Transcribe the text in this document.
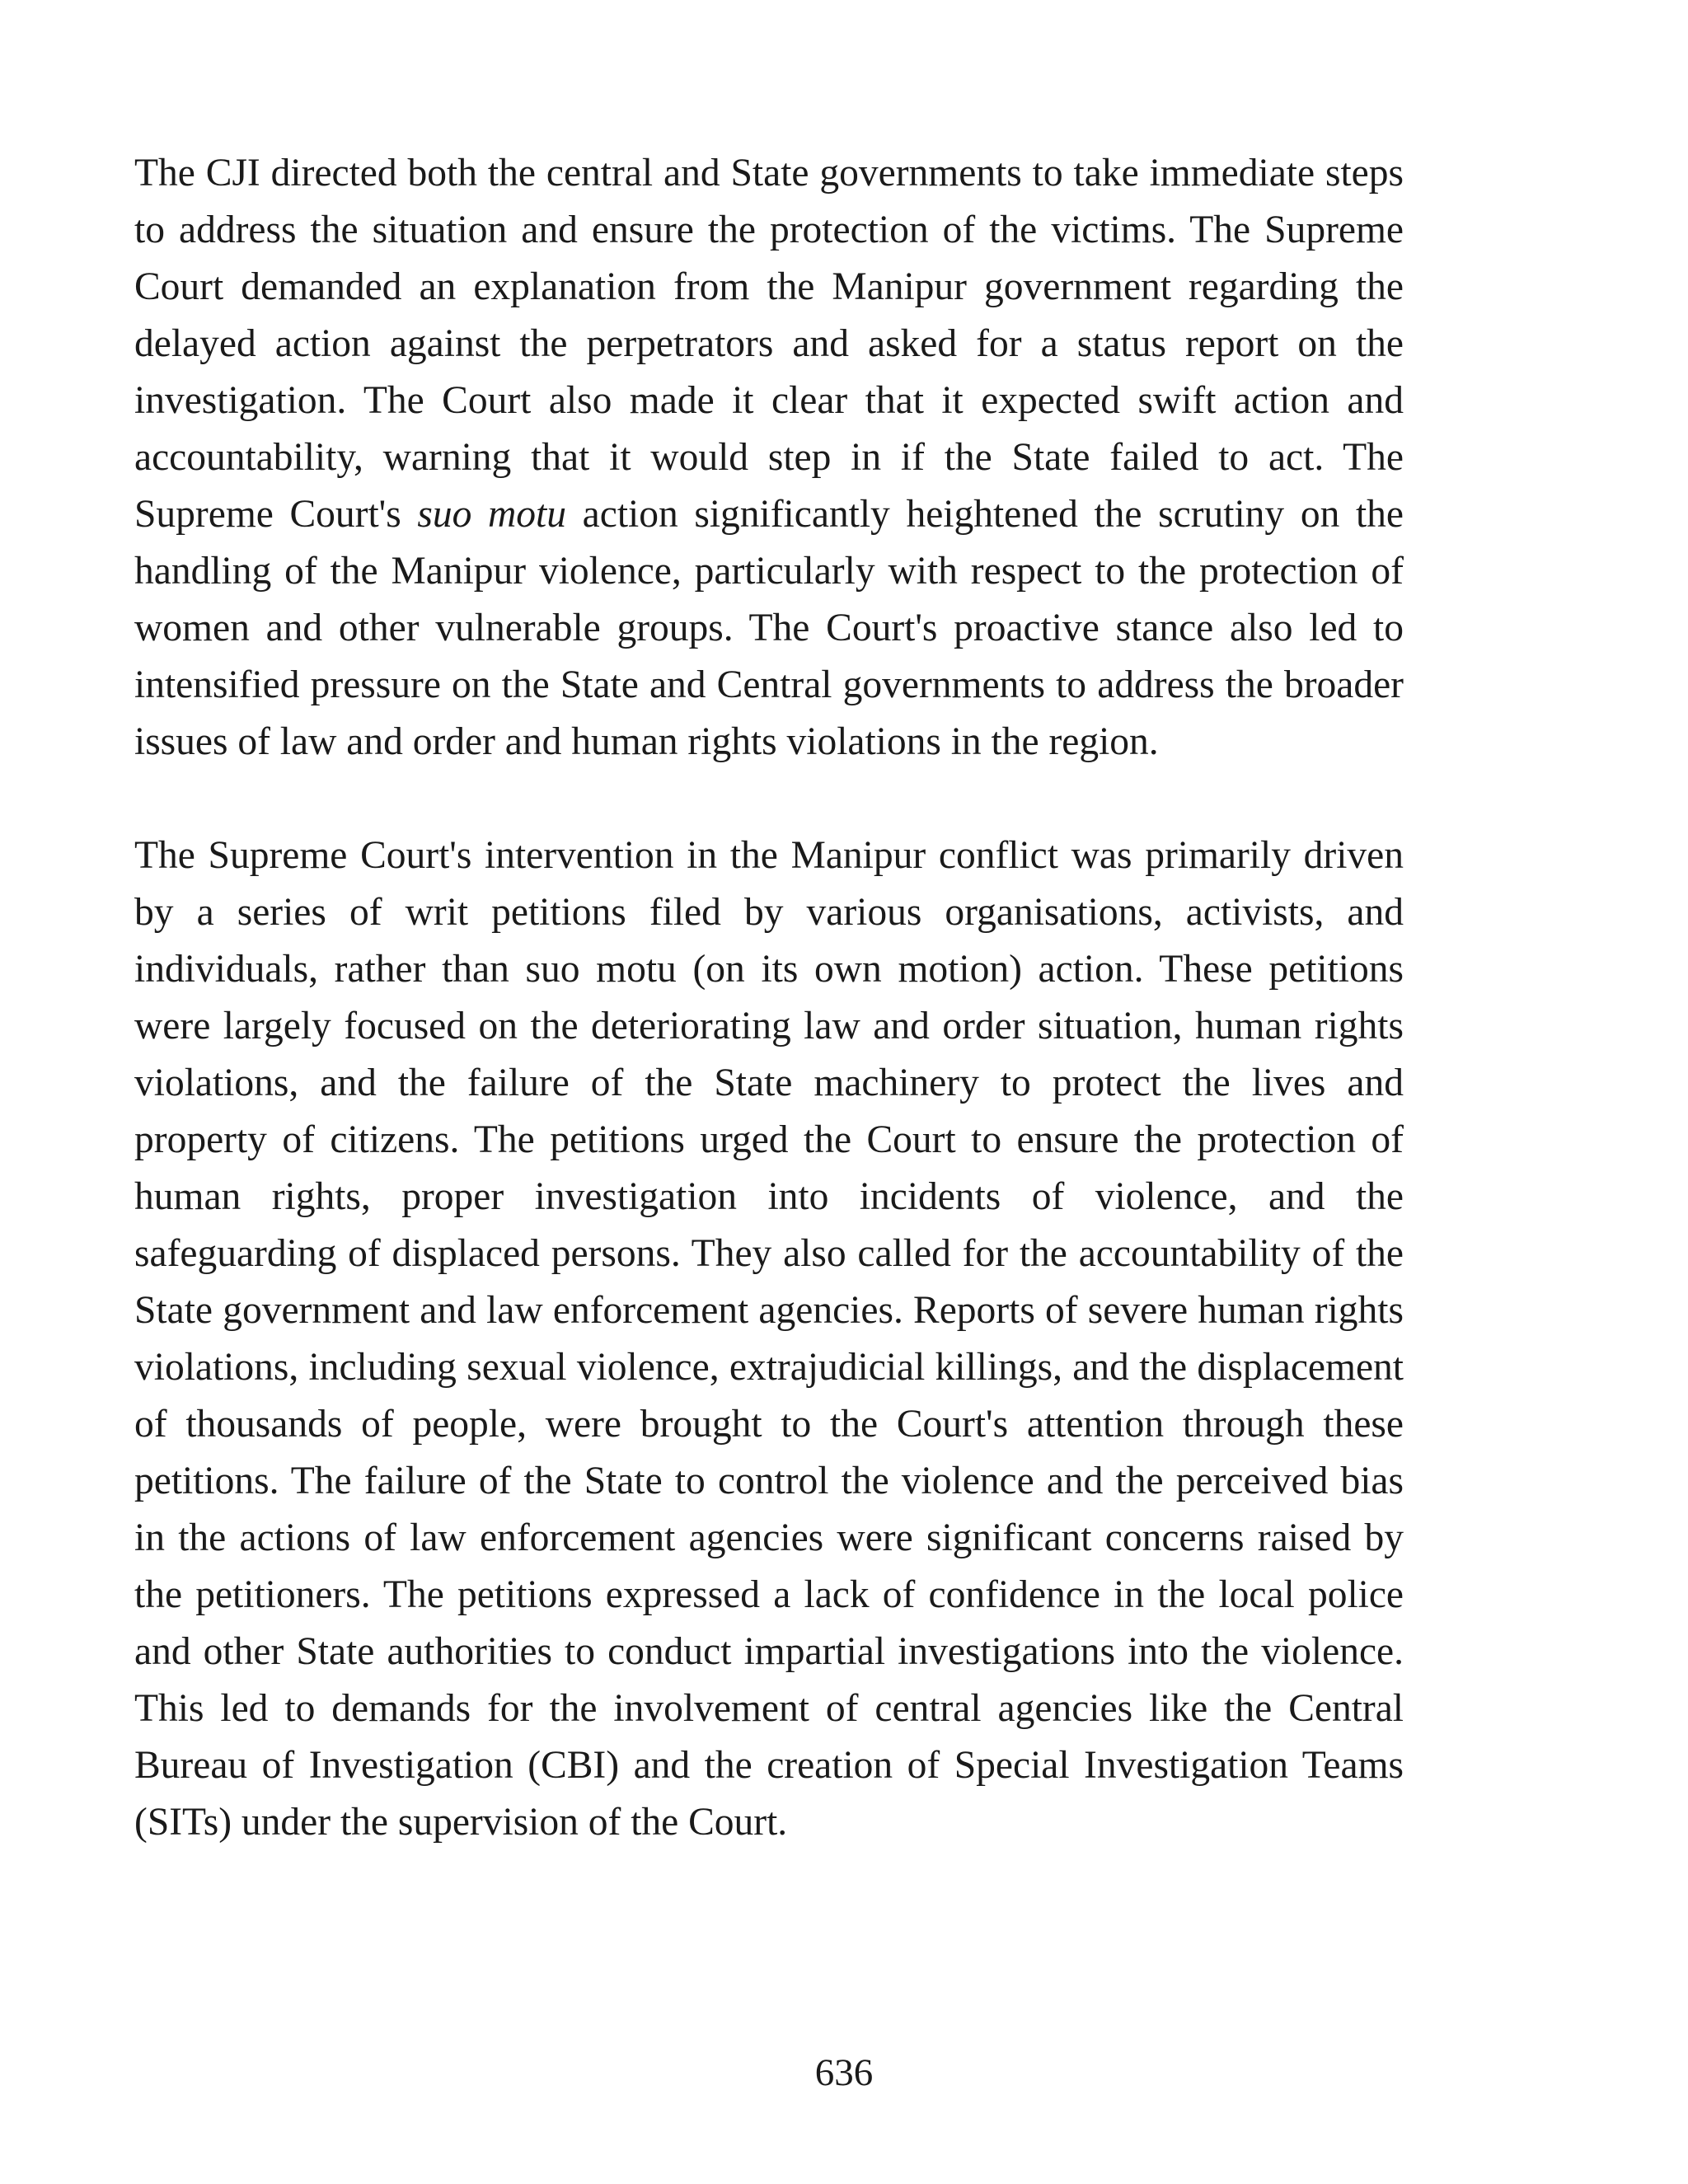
The CJI directed both the central and State governments to take immediate steps to address the situation and ensure the protection of the victims. The Supreme Court demanded an explanation from the Manipur government regarding the delayed action against the perpetrators and asked for a status report on the investigation. The Court also made it clear that it expected swift action and accountability, warning that it would step in if the State failed to act. The Supreme Court's suo motu action significantly heightened the scrutiny on the handling of the Manipur violence, particularly with respect to the protection of women and other vulnerable groups. The Court's proactive stance also led to intensified pressure on the State and Central governments to address the broader issues of law and order and human rights violations in the region.

The Supreme Court's intervention in the Manipur conflict was primarily driven by a series of writ petitions filed by various organisations, activists, and individuals, rather than suo motu (on its own motion) action. These petitions were largely focused on the deteriorating law and order situation, human rights violations, and the failure of the State machinery to protect the lives and property of citizens. The petitions urged the Court to ensure the protection of human rights, proper investigation into incidents of violence, and the safeguarding of displaced persons. They also called for the accountability of the State government and law enforcement agencies. Reports of severe human rights violations, including sexual violence, extrajudicial killings, and the displacement of thousands of people, were brought to the Court's attention through these petitions. The failure of the State to control the violence and the perceived bias in the actions of law enforcement agencies were significant concerns raised by the petitioners. The petitions expressed a lack of confidence in the local police and other State authorities to conduct impartial investigations into the violence. This led to demands for the involvement of central agencies like the Central Bureau of Investigation (CBI) and the creation of Special Investigation Teams (SITs) under the supervision of the Court.

636
